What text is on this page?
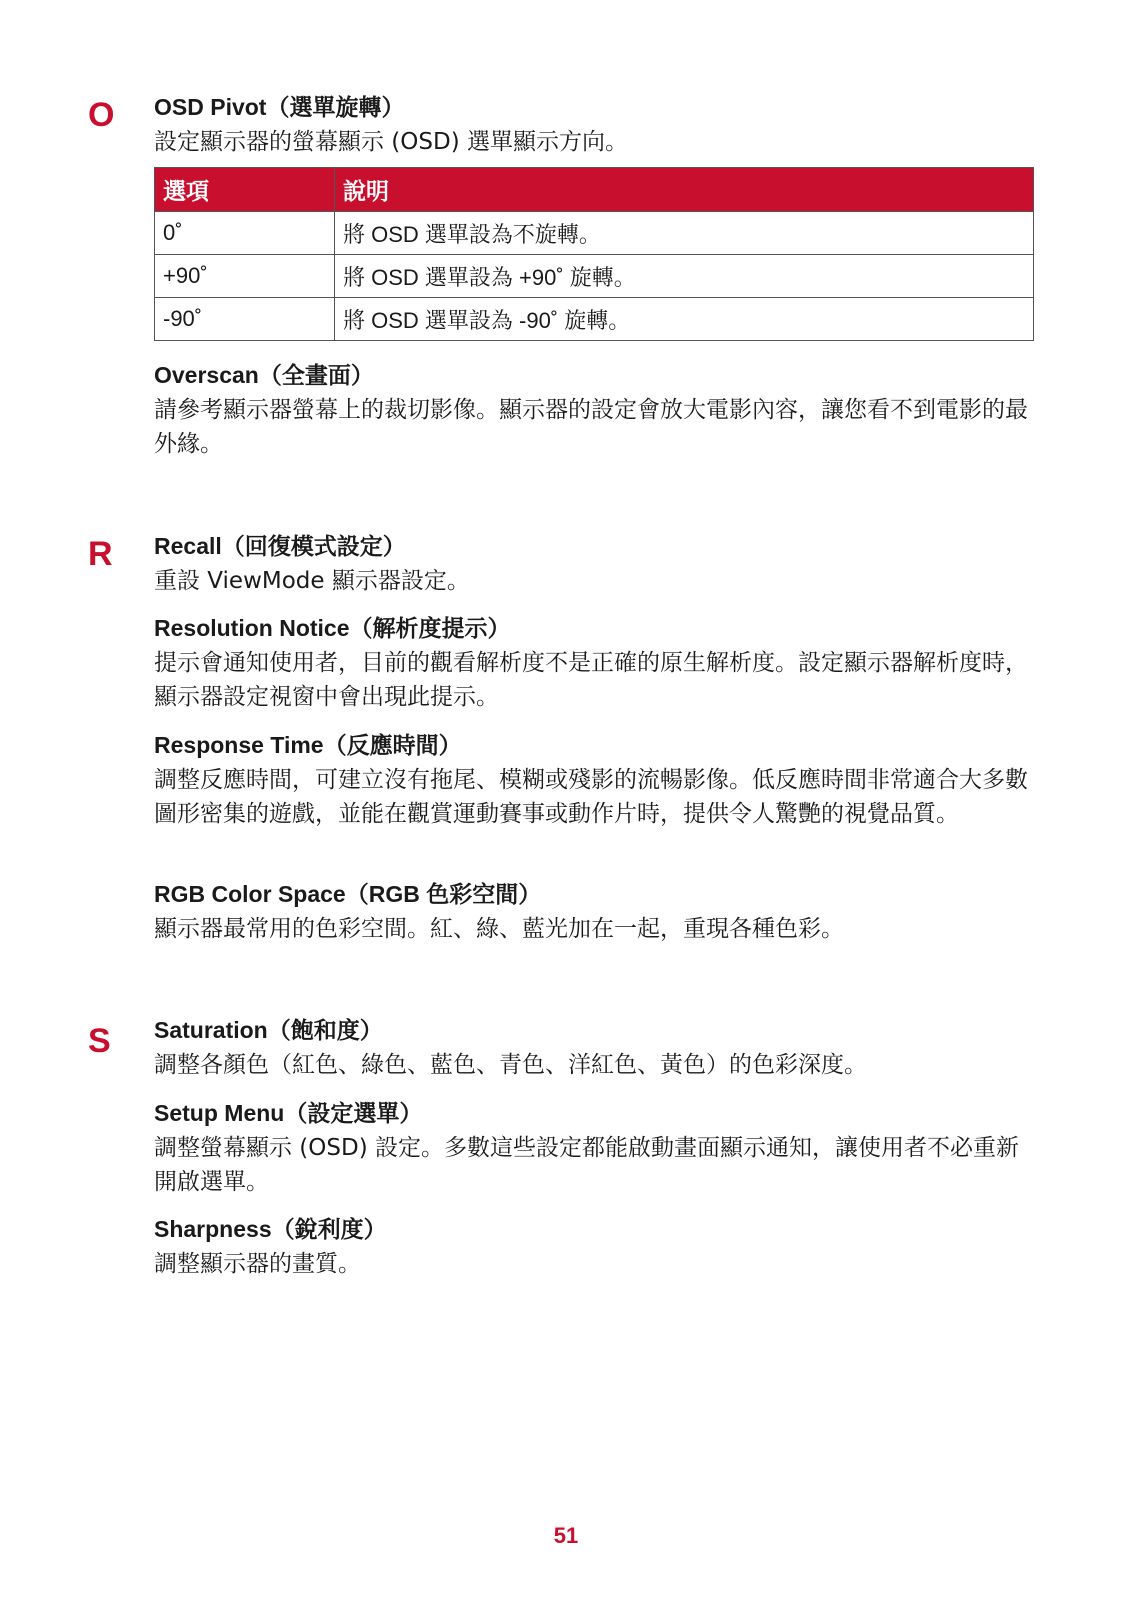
O
R
S
OSD Pivot（選單旋轉）
設定顯示器的螢幕顯示 (OSD) 選單顯示方向。
選項	說明
0˚	將 OSD 選單設為不旋轉。
+90˚	將 OSD 選單設為 +90˚ 旋轉。
-90˚	將 OSD 選單設為 -90˚ 旋轉。
Overscan（全畫面）
請參考顯示器螢幕上的裁切影像。顯示器的設定會放大電影內容，讓您看不到電影的最外緣。
Recall（回復模式設定）
重設 ViewMode 顯示器設定。
Resolution Notice（解析度提示）
提示會通知使用者，目前的觀看解析度不是正確的原生解析度。設定顯示器解析度時，顯示器設定視窗中會出現此提示。
Response Time（反應時間）
調整反應時間，可建立沒有拖尾、模糊或殘影的流暢影像。低反應時間非常適合大多數圖形密集的遊戲，並能在觀賞運動賽事或動作片時，提供令人驚艷的視覺品質。
RGB Color Space（RGB 色彩空間）
顯示器最常用的色彩空間。紅、綠、藍光加在一起，重現各種色彩。
Saturation（飽和度）
調整各顏色（紅色、綠色、藍色、青色、洋紅色、黃色）的色彩深度。
Setup Menu（設定選單）
調整螢幕顯示 (OSD) 設定。多數這些設定都能啟動畫面顯示通知，讓使用者不必重新開啟選單。
Sharpness（銳利度）
調整顯示器的畫質。
51
